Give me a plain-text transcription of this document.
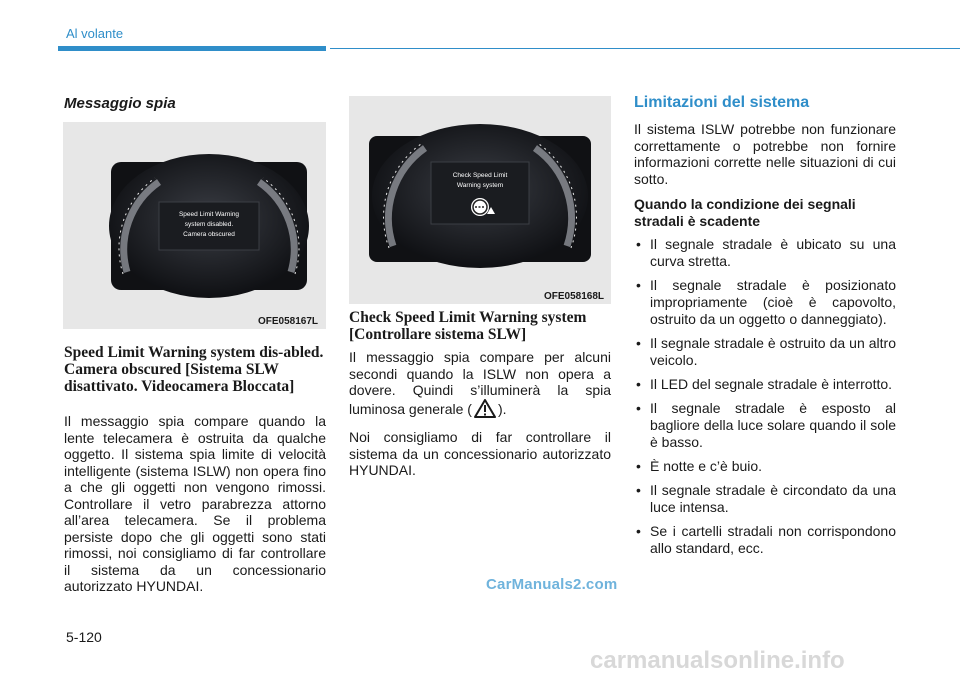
Al volante
Messaggio spia
Speed Limit Warning
system disabled.
Camera obscured
OFE058167L
Speed Limit Warning system dis-abled. Camera obscured [Sistema SLW disattivato. Videocamera Bloccata]

Il messaggio spia compare quando la lente telecamera è ostruita da qualche oggetto. Il sistema spia limite di velocità intelligente (sistema ISLW) non opera fino a che gli oggetti non vengono rimossi. Controllare il vetro parabrezza attorno all’area telecamera. Se il problema persiste dopo che gli oggetti sono stati rimossi, noi consigliamo di far controllare il sistema da un concessionario autorizzato HYUNDAI.

Check Speed Limit
Warning system
OFE058168L
Check Speed Limit Warning system [Controllare sistema SLW]

Il messaggio spia compare per alcuni secondi quando la ISLW non opera a dovere. Quindi s’illuminerà la spia luminosa generale ( ).

Noi consigliamo di far controllare il sistema da un concessionario autorizzato HYUNDAI.

Limitazioni del sistema
Il sistema ISLW potrebbe non funzionare correttamente o potrebbe non fornire informazioni corrette nelle situazioni di cui sotto.
Quando la condizione dei segnali stradali è scadente
• Il segnale stradale è ubicato su una curva stretta.
• Il segnale stradale è posizionato impropriamente (cioè è capovolto, ostruito da un oggetto o danneggiato).
• Il segnale stradale è ostruito da un altro veicolo.
• Il LED del segnale stradale è interrotto.
• Il segnale stradale è esposto al bagliore della luce solare quando il sole è basso.
• È notte e c’è buio.
• Il segnale stradale è circondato da una luce intensa.
• Se i cartelli stradali non corrispondono allo standard, ecc.
CarManuals2.com
5-120
carmanualsonline.info
